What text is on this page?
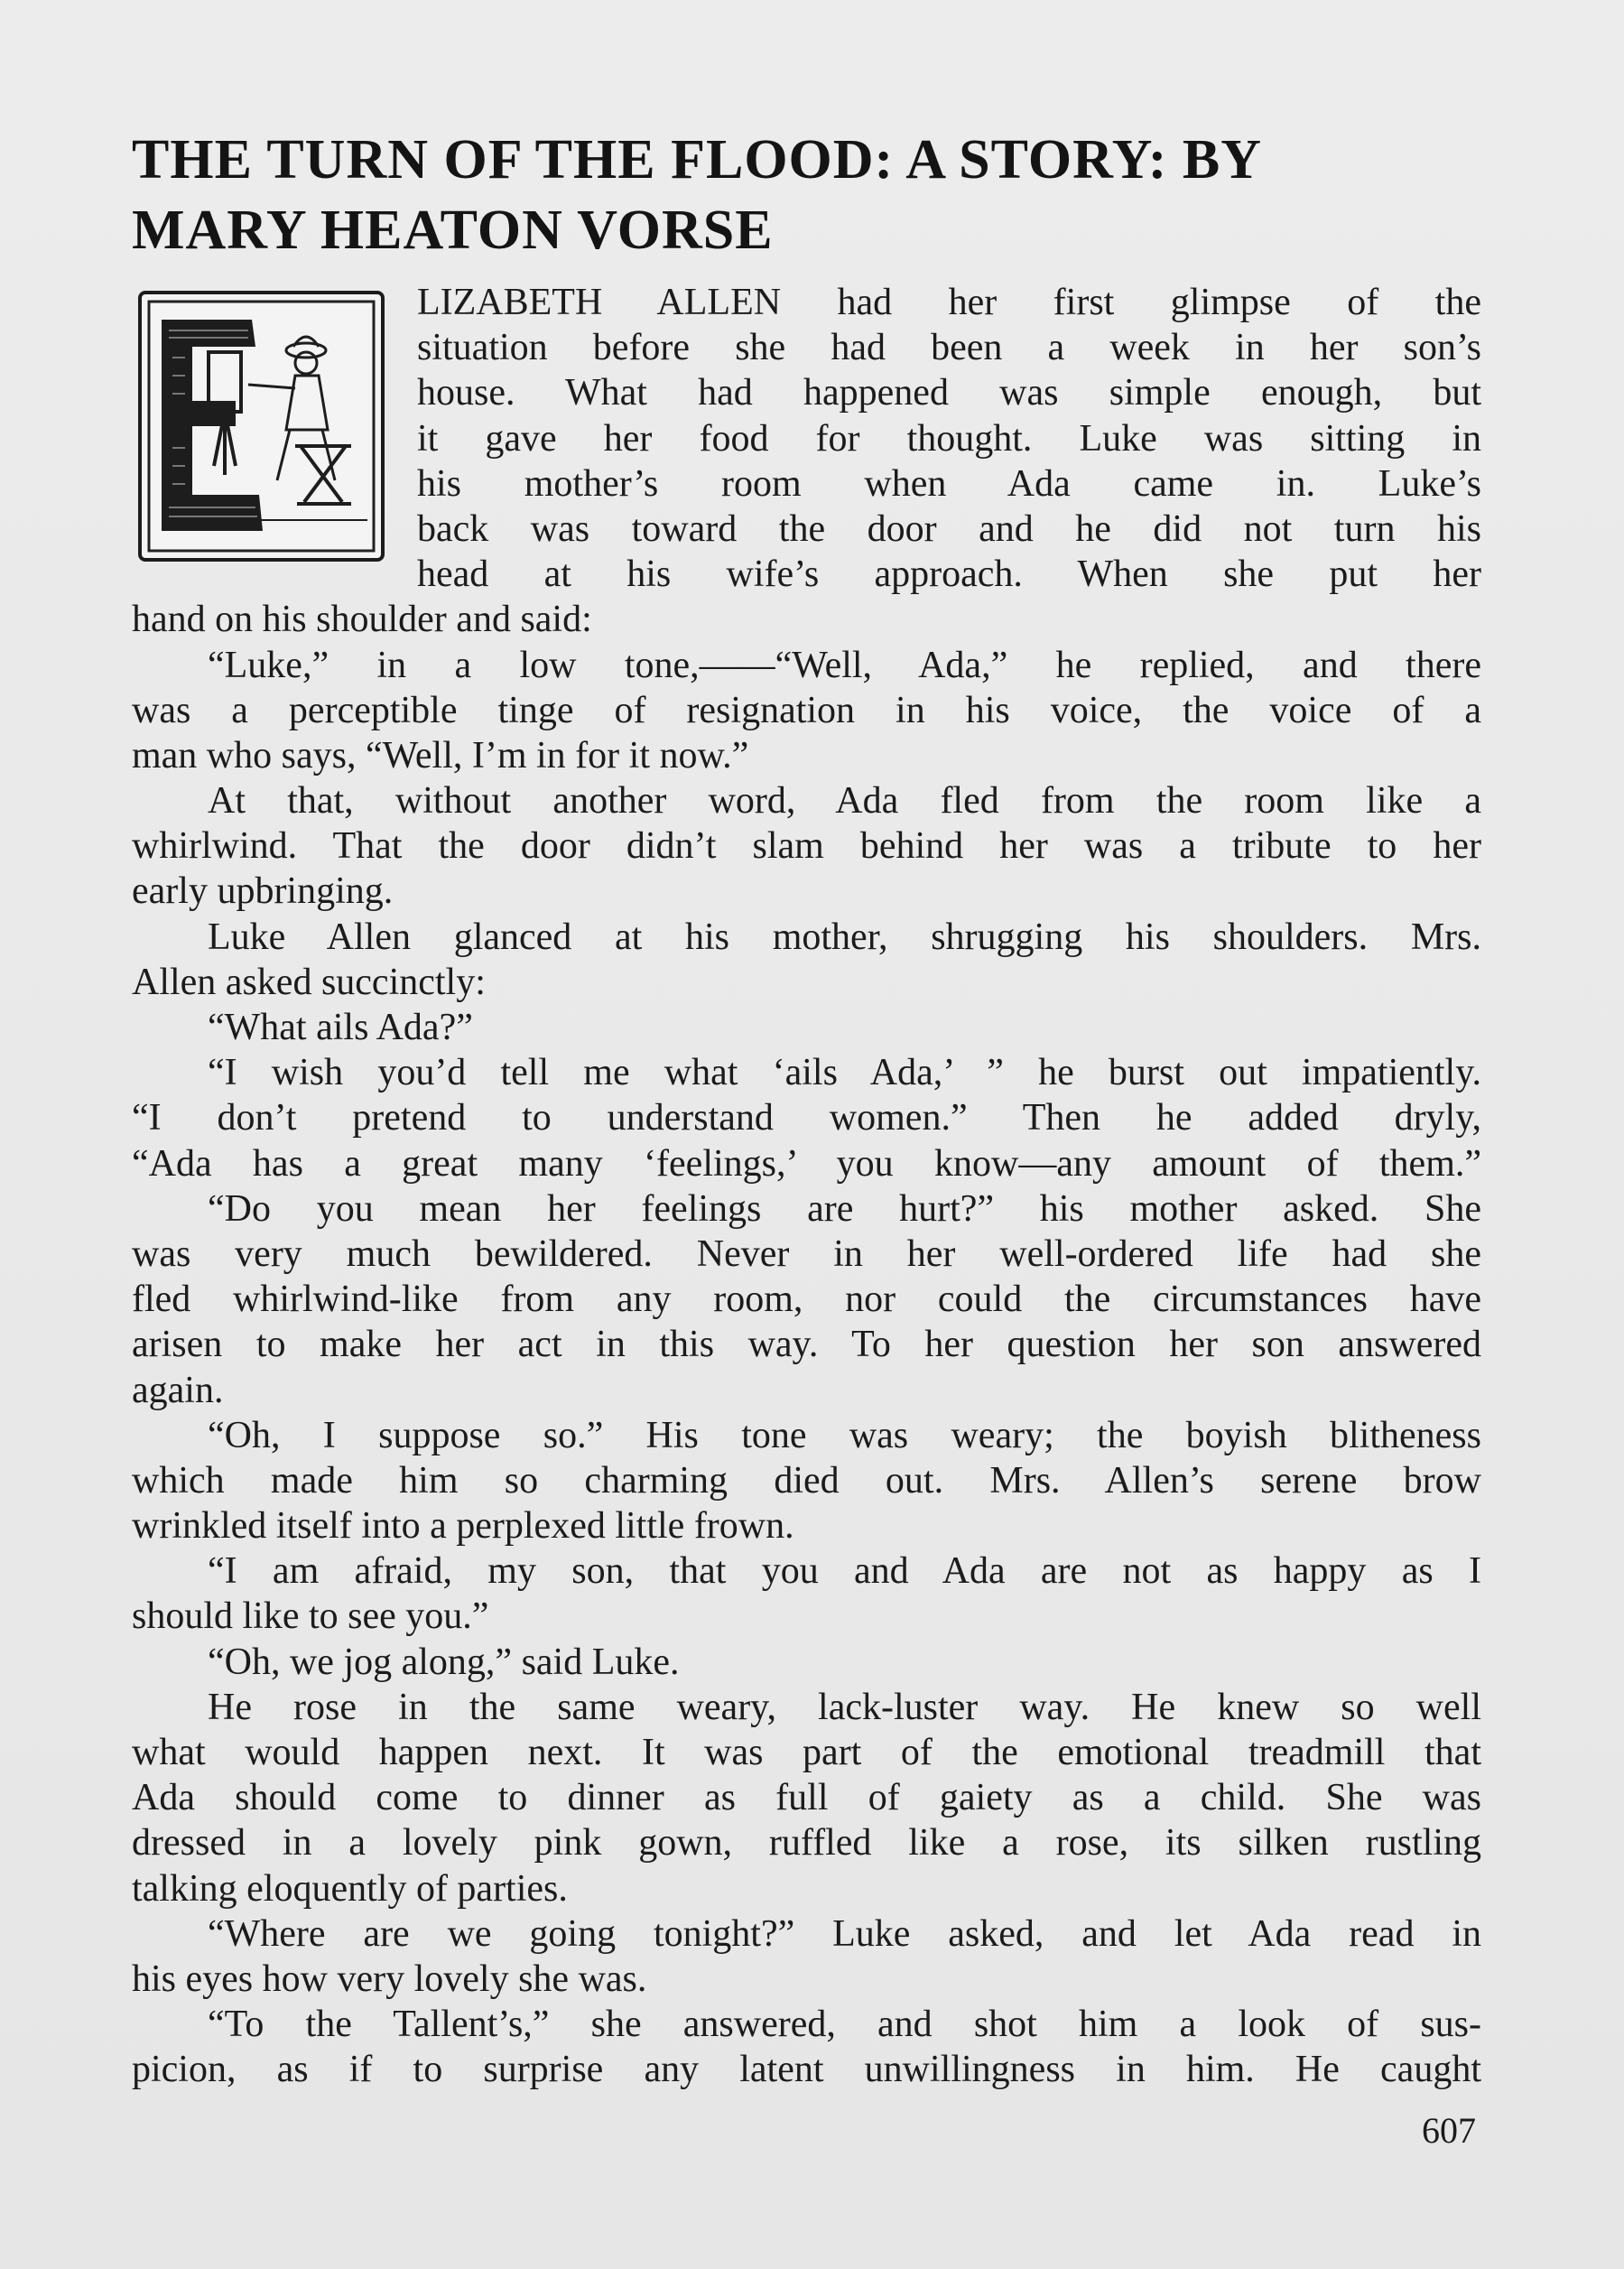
THE TURN OF THE FLOOD: A STORY: BY
MARY HEATON VORSE
LIZABETH ALLEN had her first glimpse of the
situation before she had been a week in her son’s
house. What had happened was simple enough, but
it gave her food for thought. Luke was sitting in
his mother’s room when Ada came in. Luke’s
back was toward the door and he did not turn his
head at his wife’s approach. When she put her
hand on his shoulder and said:
“Luke,” in a low tone,——“Well, Ada,” he replied, and there
was a perceptible tinge of resignation in his voice, the voice of a
man who says, “Well, I’m in for it now.”
At that, without another word, Ada fled from the room like a
whirlwind. That the door didn’t slam behind her was a tribute to her
early upbringing.
Luke Allen glanced at his mother, shrugging his shoulders. Mrs.
Allen asked succinctly:
“What ails Ada?”
“I wish you’d tell me what ‘ails Ada,’ ” he burst out impatiently.
“I don’t pretend to understand women.” Then he added dryly,
“Ada has a great many ‘feelings,’ you know—any amount of them.”
“Do you mean her feelings are hurt?” his mother asked. She
was very much bewildered. Never in her well-ordered life had she
fled whirlwind-like from any room, nor could the circumstances have
arisen to make her act in this way. To her question her son answered
again.
“Oh, I suppose so.” His tone was weary; the boyish blitheness
which made him so charming died out. Mrs. Allen’s serene brow
wrinkled itself into a perplexed little frown.
“I am afraid, my son, that you and Ada are not as happy as I
should like to see you.”
“Oh, we jog along,” said Luke.
He rose in the same weary, lack-luster way. He knew so well
what would happen next. It was part of the emotional treadmill that
Ada should come to dinner as full of gaiety as a child. She was
dressed in a lovely pink gown, ruffled like a rose, its silken rustling
talking eloquently of parties.
“Where are we going tonight?” Luke asked, and let Ada read in
his eyes how very lovely she was.
“To the Tallent’s,” she answered, and shot him a look of sus-
picion, as if to surprise any latent unwillingness in him. He caught
607
